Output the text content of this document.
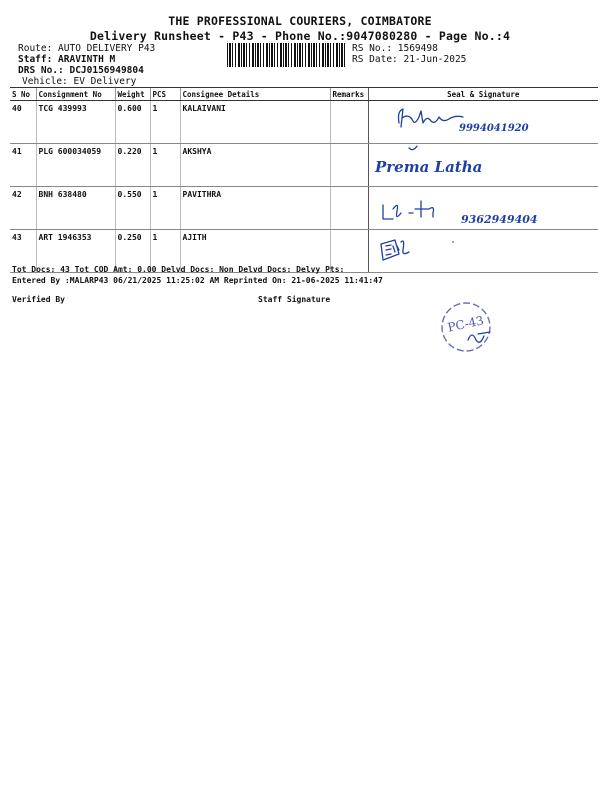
THE PROFESSIONAL COURIERS, COIMBATORE
Delivery Runsheet - P43 - Phone No.:9047080280 - Page No.:4
Route: AUTO DELIVERY P43
Staff: ARAVINTH M
DRS No.: DCJ0156949804
Vehicle: EV Delivery
RS No.: 1569498
RS Date: 21-Jun-2025
S No	Consignment No	Weight	PCS	Consignee Details	Remarks	Seal & Signature
40	TCG 439993	0.600	1	KALAIVANI		9994041920

41	PLG 600034059	0.220	1	AKSHYA		Prema Latha

42	BNH 638480	0.550	1	PAVITHRA		9362949404

43	ART 1946353	0.250	1	AJITH		
Tot Docs: 43 Tot COD Amt: 0.00 Delvd Docs: Non Delvd Docs: Delvy Pts:
Entered By :MALARP43 06/21/2025 11:25:02 AM Reprinted On: 21-06-2025 11:41:47
Verified By	Staff Signature
PC-43
